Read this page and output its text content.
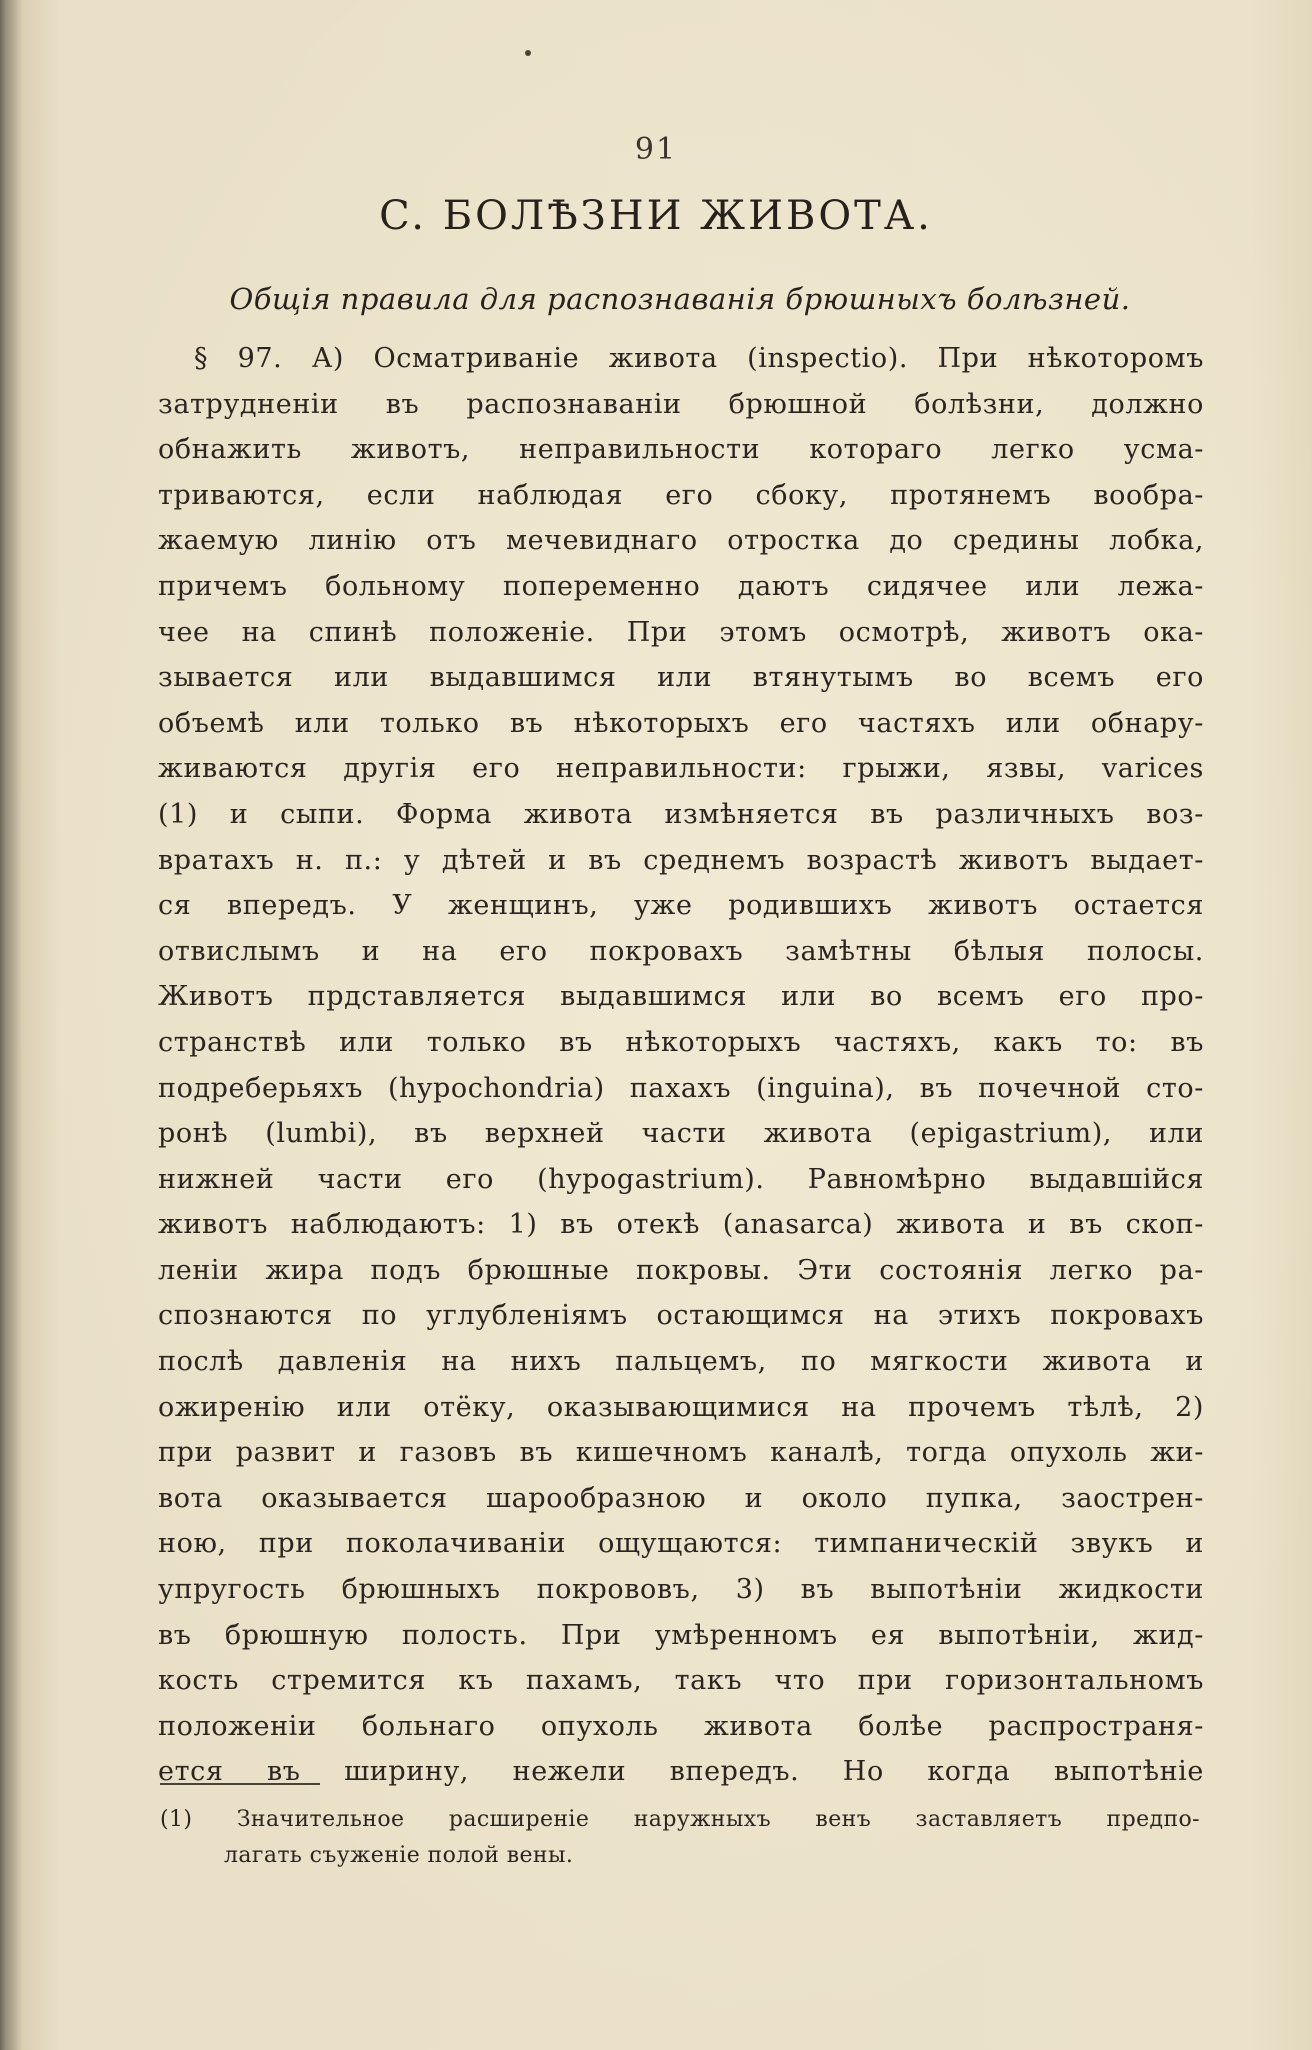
91
C. БОЛѢЗНИ ЖИВОТА.
Общія правила для распознаванія брюшныхъ болѣзней.
§ 97. А) Осматриваніе живота (inspectio). При нѣкоторомъ
затрудненіи въ распознаваніи брюшной болѣзни, должно
обнажить животъ, неправильности котораго легко усма-
триваются, если наблюдая его сбоку, протянемъ вообра-
жаемую линію отъ мечевиднаго отростка до средины лобка,
причемъ больному попеременно даютъ сидячее или лежа-
чее на спинѣ положеніе. При этомъ осмотрѣ, животъ ока-
зывается или выдавшимся или втянутымъ во всемъ его
объемѣ или только въ нѣкоторыхъ его частяхъ или обнару-
живаются другія его неправильности: грыжи, язвы, varices
(1) и сыпи. Форма живота измѣняется въ различныхъ воз-
вратахъ н. п.: у дѣтей и въ среднемъ возрастѣ животъ выдает-
ся впередъ. У женщинъ, уже родившихъ животъ остается
отвислымъ и на его покровахъ замѣтны бѣлыя полосы.
Животъ прдставляется выдавшимся или во всемъ его про-
странствѣ или только въ нѣкоторыхъ частяхъ, какъ то: въ
подреберьяхъ (hypochondria) пахахъ (inguina), въ почечной сто-
ронѣ (lumbi), въ верхней части живота (epigastrium), или
нижней части его (hypogastrium). Равномѣрно выдавшійся
животъ наблюдаютъ: 1) въ отекѣ (anasarca) живота и въ скоп-
леніи жира подъ брюшные покровы. Эти состоянія легко ра-
спознаются по углубленіямъ остающимся на этихъ покровахъ
послѣ давленія на нихъ пальцемъ, по мягкости живота и
ожиренію или отёку, оказывающимися на прочемъ тѣлѣ, 2)
при развит и газовъ въ кишечномъ каналѣ, тогда опухоль жи-
вота оказывается шарообразною и около пупка, заострен-
ною, при поколачиваніи ощущаются: тимпаническій звукъ и
упругость брюшныхъ покрововъ, 3) въ выпотѣніи жидкости
въ брюшную полость. При умѣренномъ ея выпотѣніи, жид-
кость стремится къ пахамъ, такъ что при горизонтальномъ
положеніи больнаго опухоль живота болѣе распространя-
ется въ ширину, нежели впередъ. Но когда выпотѣніе
(1) Значительное расширеніе наружныхъ венъ заставляетъ предпо-
лагать съуженіе полой вены.
